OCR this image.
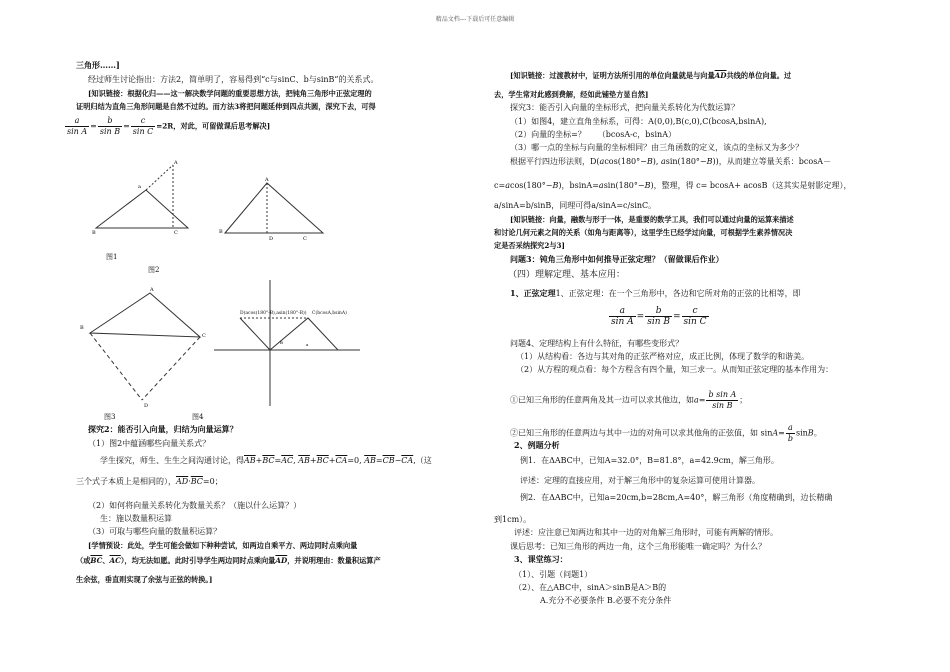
精品文档---下载后可任意编辑
三角形……]
经过师生讨论指出：方法2，简单明了，容易得到“c与sinC、b与sinB”的关系式。
[知识链接：根据化归——这一解决数学问题的重要思想方法，把钝角三角形中正弦定理的
证明归结为直角三角形问题是自然不过的。而方法3将把问题延伸到四点共圆，深究下去，可得
$\frac{a}{\text{sin A}} = \frac{b}{\text{sin B}} = \frac{c}{\text{sin C}} =2R$，对此，可留做课后思考解决]
a
B	C
A
图1
A
B
D	C
图2
A
B
C
D
图3
B	a
D(acos(180°-B),asin(180°-B)) C(bcosA,bsinA)
图4
探究2：能否引入向量，归结为向量运算？
（1）图2中蕴涵哪些向量关系式？
学生探究，师生、生生之间沟通讨论，得$\overline{AB}+\overline{BC}=\overline{AC}$, $\overline{AB}+\overline{BC}+\overline{CA}=0$, $\overline{AB}=\overline{CB}-\overline{CA}$,（这
三个式子本质上是相同的），$\overline{AD}\cdot\overline{BC}=0$；
（2）如何将向量关系转化为数量关系？（施以什么运算？）
生：施以数量积运算
（3）可取与哪些向量的数量积运算？
[学情预设：此处，学生可能会做如下种种尝试，如两边自乘平方、两边同时点乘向量
（或$\overline{BC}$、$\overline{AC}$），均无法如愿。此时引导学生两边同时点乘向量$\overline{AD}$，并说明理由：数量积运算产
生余弦，垂直则实现了余弦与正弦的转换。]
[知识链接：过渡教材中，证明方法所引用的单位向量就是与向量$\overline{AD}$共线的单位向量。过
去，学生常对此感到费解，经如此铺垫方显自然]
探究3：能否引入向量的坐标形式，把向量关系转化为代数运算？
（1）如图4，建立直角坐标系，可得：A(0,0),B(c,0),C(bcosA,bsinA),
（2）向量的坐标=？　　（bcosA-c，bsinA）
（3）哪一点的坐标与向量的坐标相同？由三角函数的定义，该点的坐标又为多少？
根据平行四边形法则，D(acos(180°−B), asin(180°−B))，从而建立等量关系：bcosA－
c=acos(180°−B)，bsinA=asin(180°−B)，整理，得 c= bcosA+ acosB（这其实是射影定理），
a/sinA=b/sinB，同理可得a/sinA=c/sinC。
[知识链接：向量，融数与形于一体，是重要的数学工具，我们可以通过向量的运算来描述
和讨论几何元素之间的关系（如角与距离等），这里学生已经学过向量，可根据学生素养情况决
定是否采纳探究2与3]
问题3：钝角三角形中如何推导正弦定理？（留做课后作业）
（四）理解定理、基本应用：
1、正弦定理1、正弦定理：在一个三角形中，各边和它所对角的正弦的比相等，即
$\frac{a}{\text{sin A}} = \frac{b}{\text{sin B}} = \frac{c}{\text{sin C}}$
问题4、定理结构上有什么特征，有哪些变形式？
（1）从结构看：各边与其对角的正弦严格对应，成正比例，体现了数学的和谐美。
（2）从方程的观点看：每个方程含有四个量，知三求一。从而知正弦定理的基本作用为：
①已知三角形的任意两角及其一边可以求其他边，如$a= \frac{\text{b sin A}}{\text{sin B}}$ ；
②已知三角形的任意两边与其中一边的对角可以求其他角的正弦值，如 $\sin A= \frac{a}{b}$ sinB。
2、例题分析
例1．在ΔABC中，已知A=32.0°，B=81.8°，a=42.9cm，解三角形。
评述：定理的直接应用，对于解三角形中的复杂运算可使用计算器。
例2．在ΔABC中，已知a=20cm,b=28cm,A=40°，解三角形（角度精确到，边长精确
到1cm）。
评述：应注意已知两边和其中一边的对角解三角形时，可能有两解的情形。
课后思考：已知三角形的两边一角，这个三角形能唯一确定吗？为什么？
3、课堂练习：
（1）、引题（问题1）
（2）、在△ABC中，sinA＞sinB是A＞B的
A.充分不必要条件 B.必要不充分条件
